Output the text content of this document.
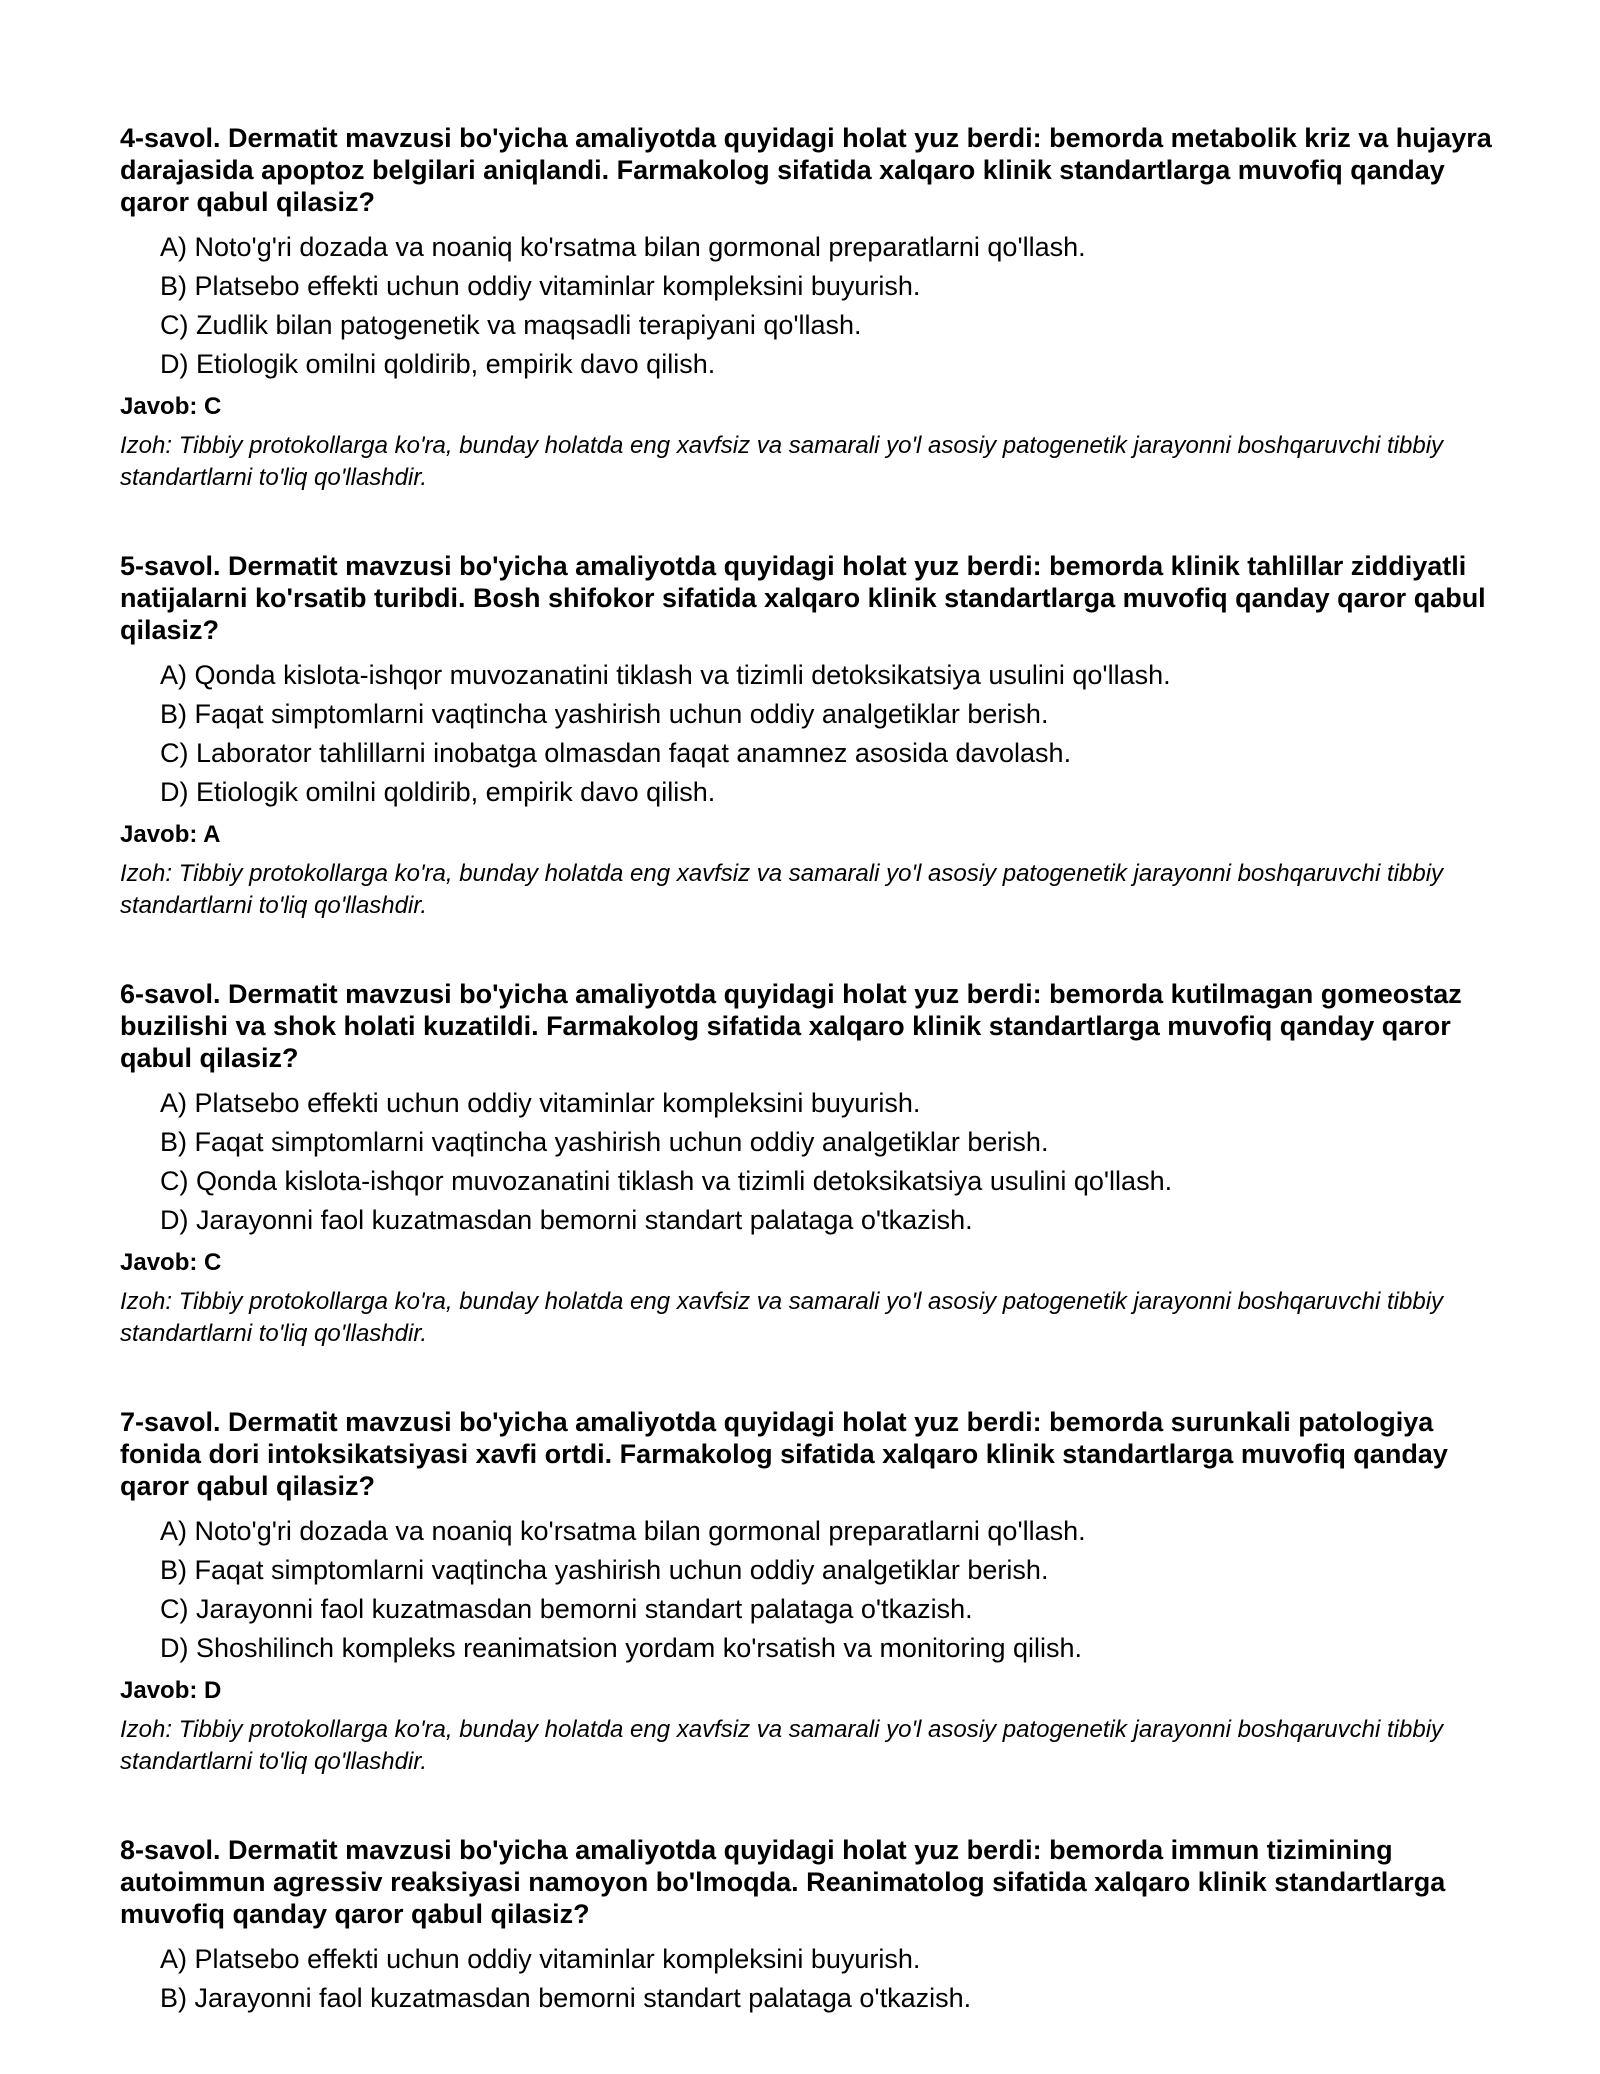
4-savol. Dermatit mavzusi bo'yicha amaliyotda quyidagi holat yuz berdi: bemorda metabolik kriz va hujayra darajasida apoptoz belgilari aniqlandi. Farmakolog sifatida xalqaro klinik standartlarga muvofiq qanday qaror qabul qilasiz?

A) Noto'g'ri dozada va noaniq ko'rsatma bilan gormonal preparatlarni qo'llash.
B) Platsebo effekti uchun oddiy vitaminlar kompleksini buyurish.
C) Zudlik bilan patogenetik va maqsadli terapiyani qo'llash.
D) Etiologik omilni qoldirib, empirik davo qilish.

Javob: C

Izoh: Tibbiy protokollarga ko'ra, bunday holatda eng xavfsiz va samarali yo'l asosiy patogenetik jarayonni boshqaruvchi tibbiy standartlarni to'liq qo'llashdir.

5-savol. Dermatit mavzusi bo'yicha amaliyotda quyidagi holat yuz berdi: bemorda klinik tahlillar ziddiyatli natijalarni ko'rsatib turibdi. Bosh shifokor sifatida xalqaro klinik standartlarga muvofiq qanday qaror qabul qilasiz?

A) Qonda kislota-ishqor muvozanatini tiklash va tizimli detoksikatsiya usulini qo'llash.
B) Faqat simptomlarni vaqtincha yashirish uchun oddiy analgetiklar berish.
C) Laborator tahlillarni inobatga olmasdan faqat anamnez asosida davolash.
D) Etiologik omilni qoldirib, empirik davo qilish.

Javob: A

Izoh: Tibbiy protokollarga ko'ra, bunday holatda eng xavfsiz va samarali yo'l asosiy patogenetik jarayonni boshqaruvchi tibbiy standartlarni to'liq qo'llashdir.

6-savol. Dermatit mavzusi bo'yicha amaliyotda quyidagi holat yuz berdi: bemorda kutilmagan gomeostaz buzilishi va shok holati kuzatildi. Farmakolog sifatida xalqaro klinik standartlarga muvofiq qanday qaror qabul qilasiz?

A) Platsebo effekti uchun oddiy vitaminlar kompleksini buyurish.
B) Faqat simptomlarni vaqtincha yashirish uchun oddiy analgetiklar berish.
C) Qonda kislota-ishqor muvozanatini tiklash va tizimli detoksikatsiya usulini qo'llash.
D) Jarayonni faol kuzatmasdan bemorni standart palataga o'tkazish.

Javob: C

Izoh: Tibbiy protokollarga ko'ra, bunday holatda eng xavfsiz va samarali yo'l asosiy patogenetik jarayonni boshqaruvchi tibbiy standartlarni to'liq qo'llashdir.

7-savol. Dermatit mavzusi bo'yicha amaliyotda quyidagi holat yuz berdi: bemorda surunkali patologiya fonida dori intoksikatsiyasi xavfi ortdi. Farmakolog sifatida xalqaro klinik standartlarga muvofiq qanday qaror qabul qilasiz?

A) Noto'g'ri dozada va noaniq ko'rsatma bilan gormonal preparatlarni qo'llash.
B) Faqat simptomlarni vaqtincha yashirish uchun oddiy analgetiklar berish.
C) Jarayonni faol kuzatmasdan bemorni standart palataga o'tkazish.
D) Shoshilinch kompleks reanimatsion yordam ko'rsatish va monitoring qilish.

Javob: D

Izoh: Tibbiy protokollarga ko'ra, bunday holatda eng xavfsiz va samarali yo'l asosiy patogenetik jarayonni boshqaruvchi tibbiy standartlarni to'liq qo'llashdir.

8-savol. Dermatit mavzusi bo'yicha amaliyotda quyidagi holat yuz berdi: bemorda immun tizimining autoimmun agressiv reaksiyasi namoyon bo'lmoqda. Reanimatolog sifatida xalqaro klinik standartlarga muvofiq qanday qaror qabul qilasiz?

A) Platsebo effekti uchun oddiy vitaminlar kompleksini buyurish.
B) Jarayonni faol kuzatmasdan bemorni standart palataga o'tkazish.
